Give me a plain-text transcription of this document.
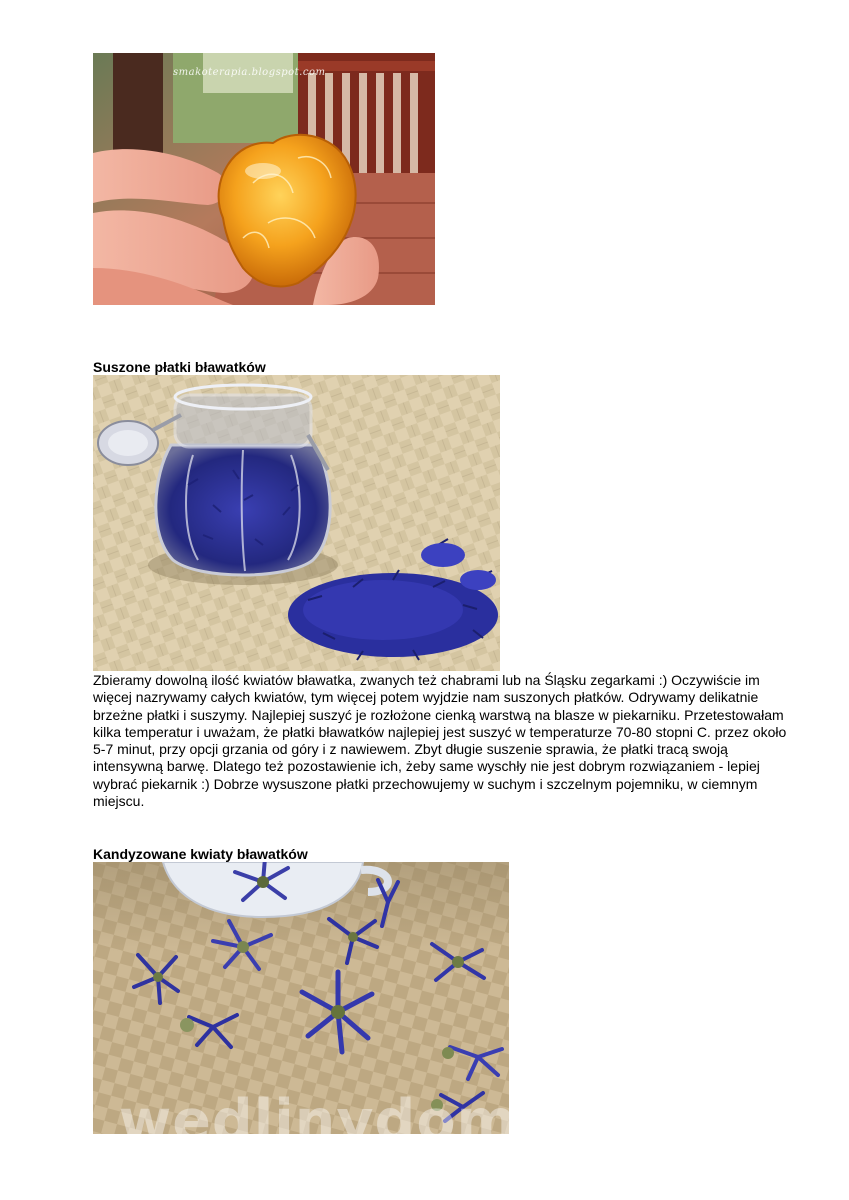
smakoterapia.blogspot.com
Suszone płatki bławatków

Zbieramy dowolną ilość kwiatów bławatka, zwanych też chabrami lub na Śląsku zegarkami :) Oczywiście im więcej nazrywamy całych kwiatów, tym więcej potem wyjdzie nam suszonych płatków. Odrywamy delikatnie brzeżne płatki i suszymy. Najlepiej suszyć je rozłożone cienką warstwą na blasze w piekarniku. Przetestowałam kilka temperatur i uważam, że płatki bławatków najlepiej jest suszyć w temperaturze 70-80 stopni C. przez około 5-7 minut, przy opcji grzania od góry i z nawiewem. Zbyt długie suszenie sprawia, że płatki tracą swoją intensywną barwę. Dlatego też pozostawienie ich, żeby same wyschły nie jest dobrym rozwiązaniem - lepiej wybrać piekarnik :) Dobrze wysuszone płatki przechowujemy w suchym i szczelnym pojemniku, w ciemnym miejscu.

Kandyzowane kwiaty bławatków
wedlinydomowe.pl
